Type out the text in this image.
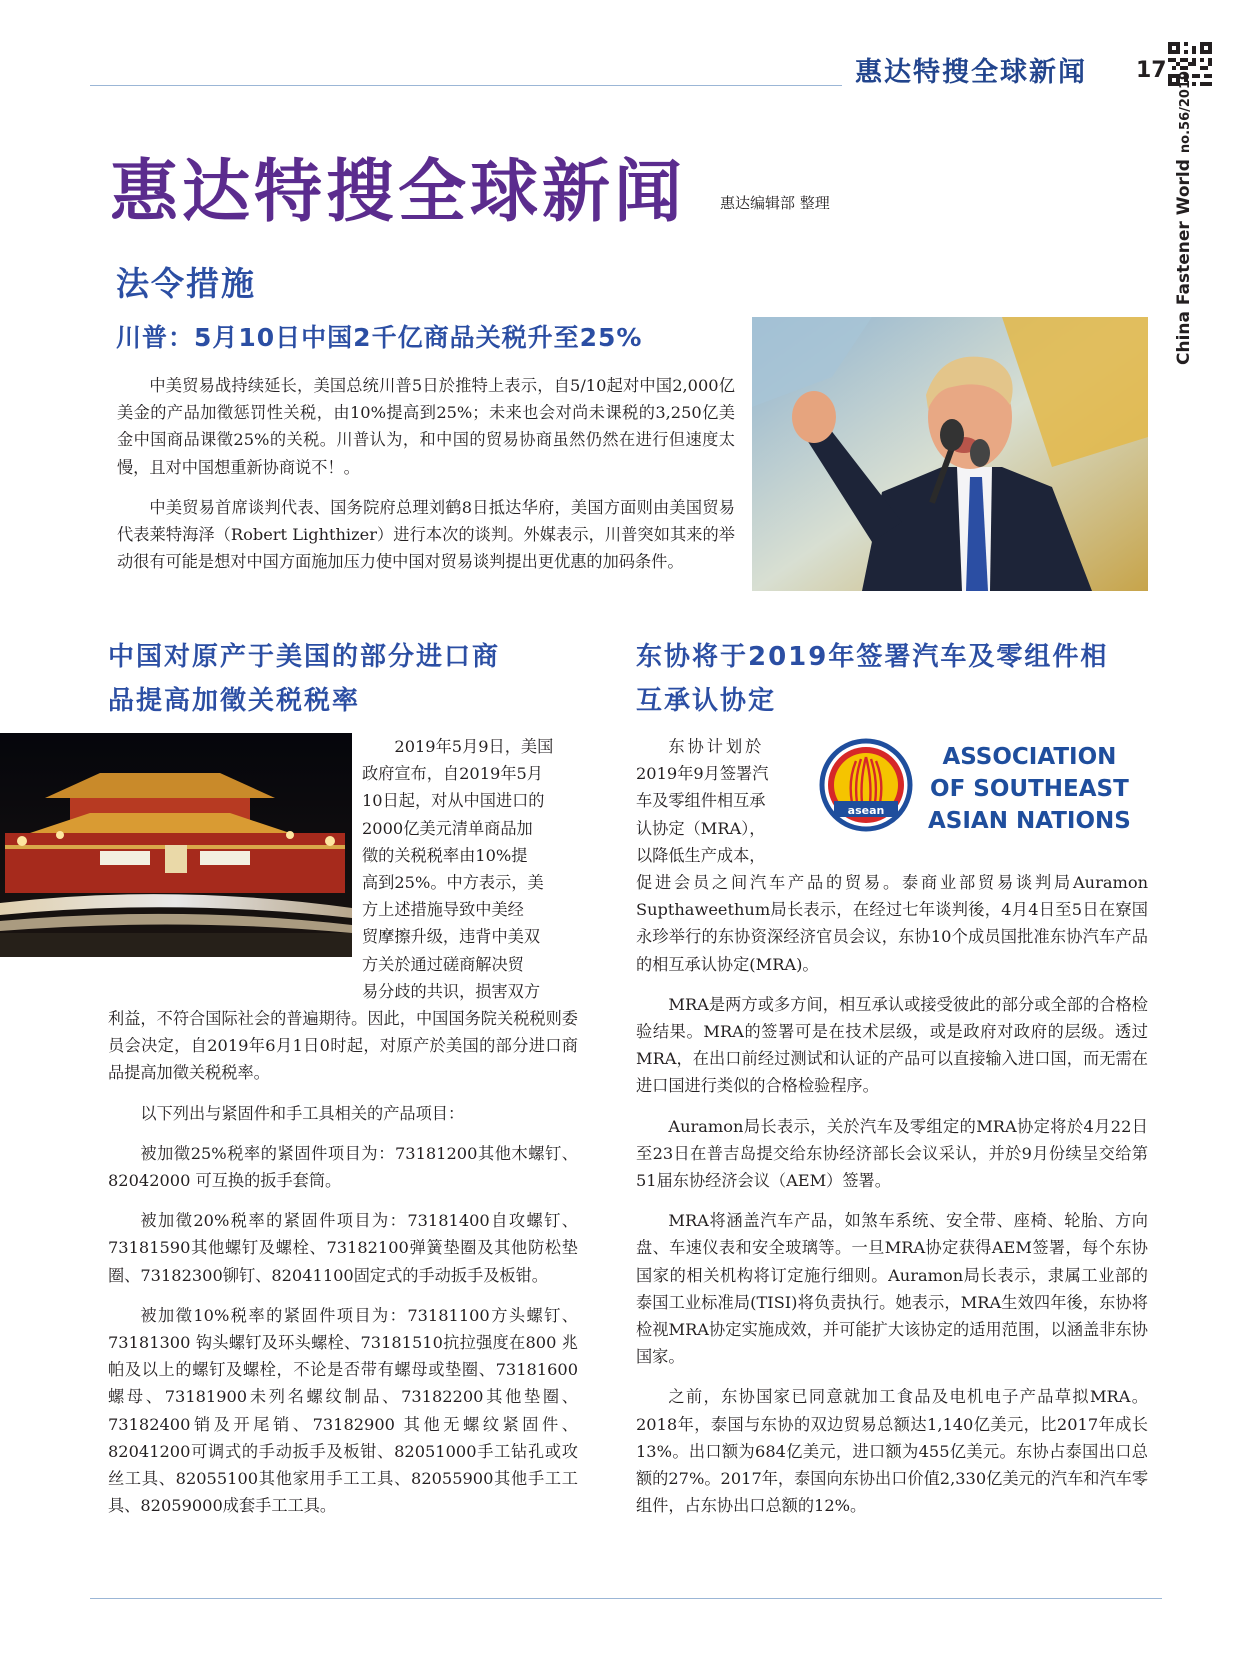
惠达特搜全球新闻 17
China Fastener Worldno.56/2019
惠达特搜全球新闻 惠达编辑部 整理
法令措施
川普：5月10日中国2千亿商品关税升至25%

中美贸易战持续延长，美国总统川普5日於推特上表示，自5/10起对中国2,000亿美金的产品加徵惩罚性关税，由10%提高到25%；未来也会对尚未课税的3,250亿美金中国商品课徵25%的关税。川普认为，和中国的贸易协商虽然仍然在进行但速度太慢，且对中国想重新协商说不！。

中美贸易首席谈判代表、国务院府总理刘鹤8日抵达华府，美国方面则由美国贸易代表莱特海泽（Robert Lighthizer）进行本次的谈判。外媒表示，川普突如其来的举动很有可能是想对中国方面施加压力使中国对贸易谈判提出更优惠的加码条件。

中国对原产于美国的部分进口商
品提高加徵关税税率
2019年5月9日，美国
政府宣布，自2019年5月
10日起，对从中国进口的
2000亿美元清单商品加
徵的关税税率由10%提
高到25%。中方表示，美
方上述措施导致中美经
贸摩擦升级，违背中美双
方关於通过磋商解决贸
易分歧的共识，损害双方

利益，不符合国际社会的普遍期待。因此，中国国务院关税税则委员会决定，自2019年6月1日0时起，对原产於美国的部分进口商品提高加徵关税税率。

以下列出与紧固件和手工具相关的产品项目：

被加徵25%税率的紧固件项目为：73181200其他木螺钉、82042000 可互换的扳手套筒。

被加徵20%税率的紧固件项目为：73181400自攻螺钉、73181590其他螺钉及螺栓、73182100弹簧垫圈及其他防松垫圈、73182300铆钉、82041100固定式的手动扳手及板钳。

被加徵10%税率的紧固件项目为：73181100方头螺钉、73181300 钩头螺钉及环头螺栓、73181510抗拉强度在800 兆帕及以上的螺钉及螺栓，不论是否带有螺母或垫圈、73181600螺母、73181900未列名螺纹制品、73182200其他垫圈、73182400销及开尾销、73182900 其他无螺纹紧固件、82041200可调式的手动扳手及板钳、82051000手工钻孔或攻丝工具、82055100其他家用手工工具、82055900其他手工工具、82059000成套手工工具。

东协将于2019年签署汽车及零组件相
互承认协定
东协计划於
2019年9月签署汽
车及零组件相互承
认协定（MRA），
以降低生产成本，
asean
ASSOCIATION
OF SOUTHEAST
ASIAN NATIONS

促进会员之间汽车产品的贸易。泰商业部贸易谈判局Auramon Supthaweethum局长表示，在经过七年谈判後，4月4日至5日在寮国永珍举行的东协资深经济官员会议，东协10个成员国批准东协汽车产品的相互承认协定(MRA)。

MRA是两方或多方间，相互承认或接受彼此的部分或全部的合格检验结果。MRA的签署可是在技术层级，或是政府对政府的层级。透过MRA，在出口前经过测试和认证的产品可以直接输入进口国，而无需在进口国进行类似的合格检验程序。

Auramon局长表示，关於汽车及零组定的MRA协定将於4月22日至23日在普吉岛提交给东协经济部长会议采认，并於9月份续呈交给第51届东协经济会议（AEM）签署。

MRA将涵盖汽车产品，如煞车系统、安全带、座椅、轮胎、方向盘、车速仪表和安全玻璃等。一旦MRA协定获得AEM签署，每个东协国家的相关机构将订定施行细则。Auramon局长表示，隶属工业部的泰国工业标准局(TISI)将负责执行。她表示，MRA生效四年後，东协将检视MRA协定实施成效，并可能扩大该协定的适用范围，以涵盖非东协国家。

之前，东协国家已同意就加工食品及电机电子产品草拟MRA。 2018年，泰国与东协的双边贸易总额达1,140亿美元，比2017年成长13%。出口额为684亿美元，进口额为455亿美元。东协占泰国出口总额的27%。2017年，泰国向东协出口价值2,330亿美元的汽车和汽车零组件，占东协出口总额的12%。
